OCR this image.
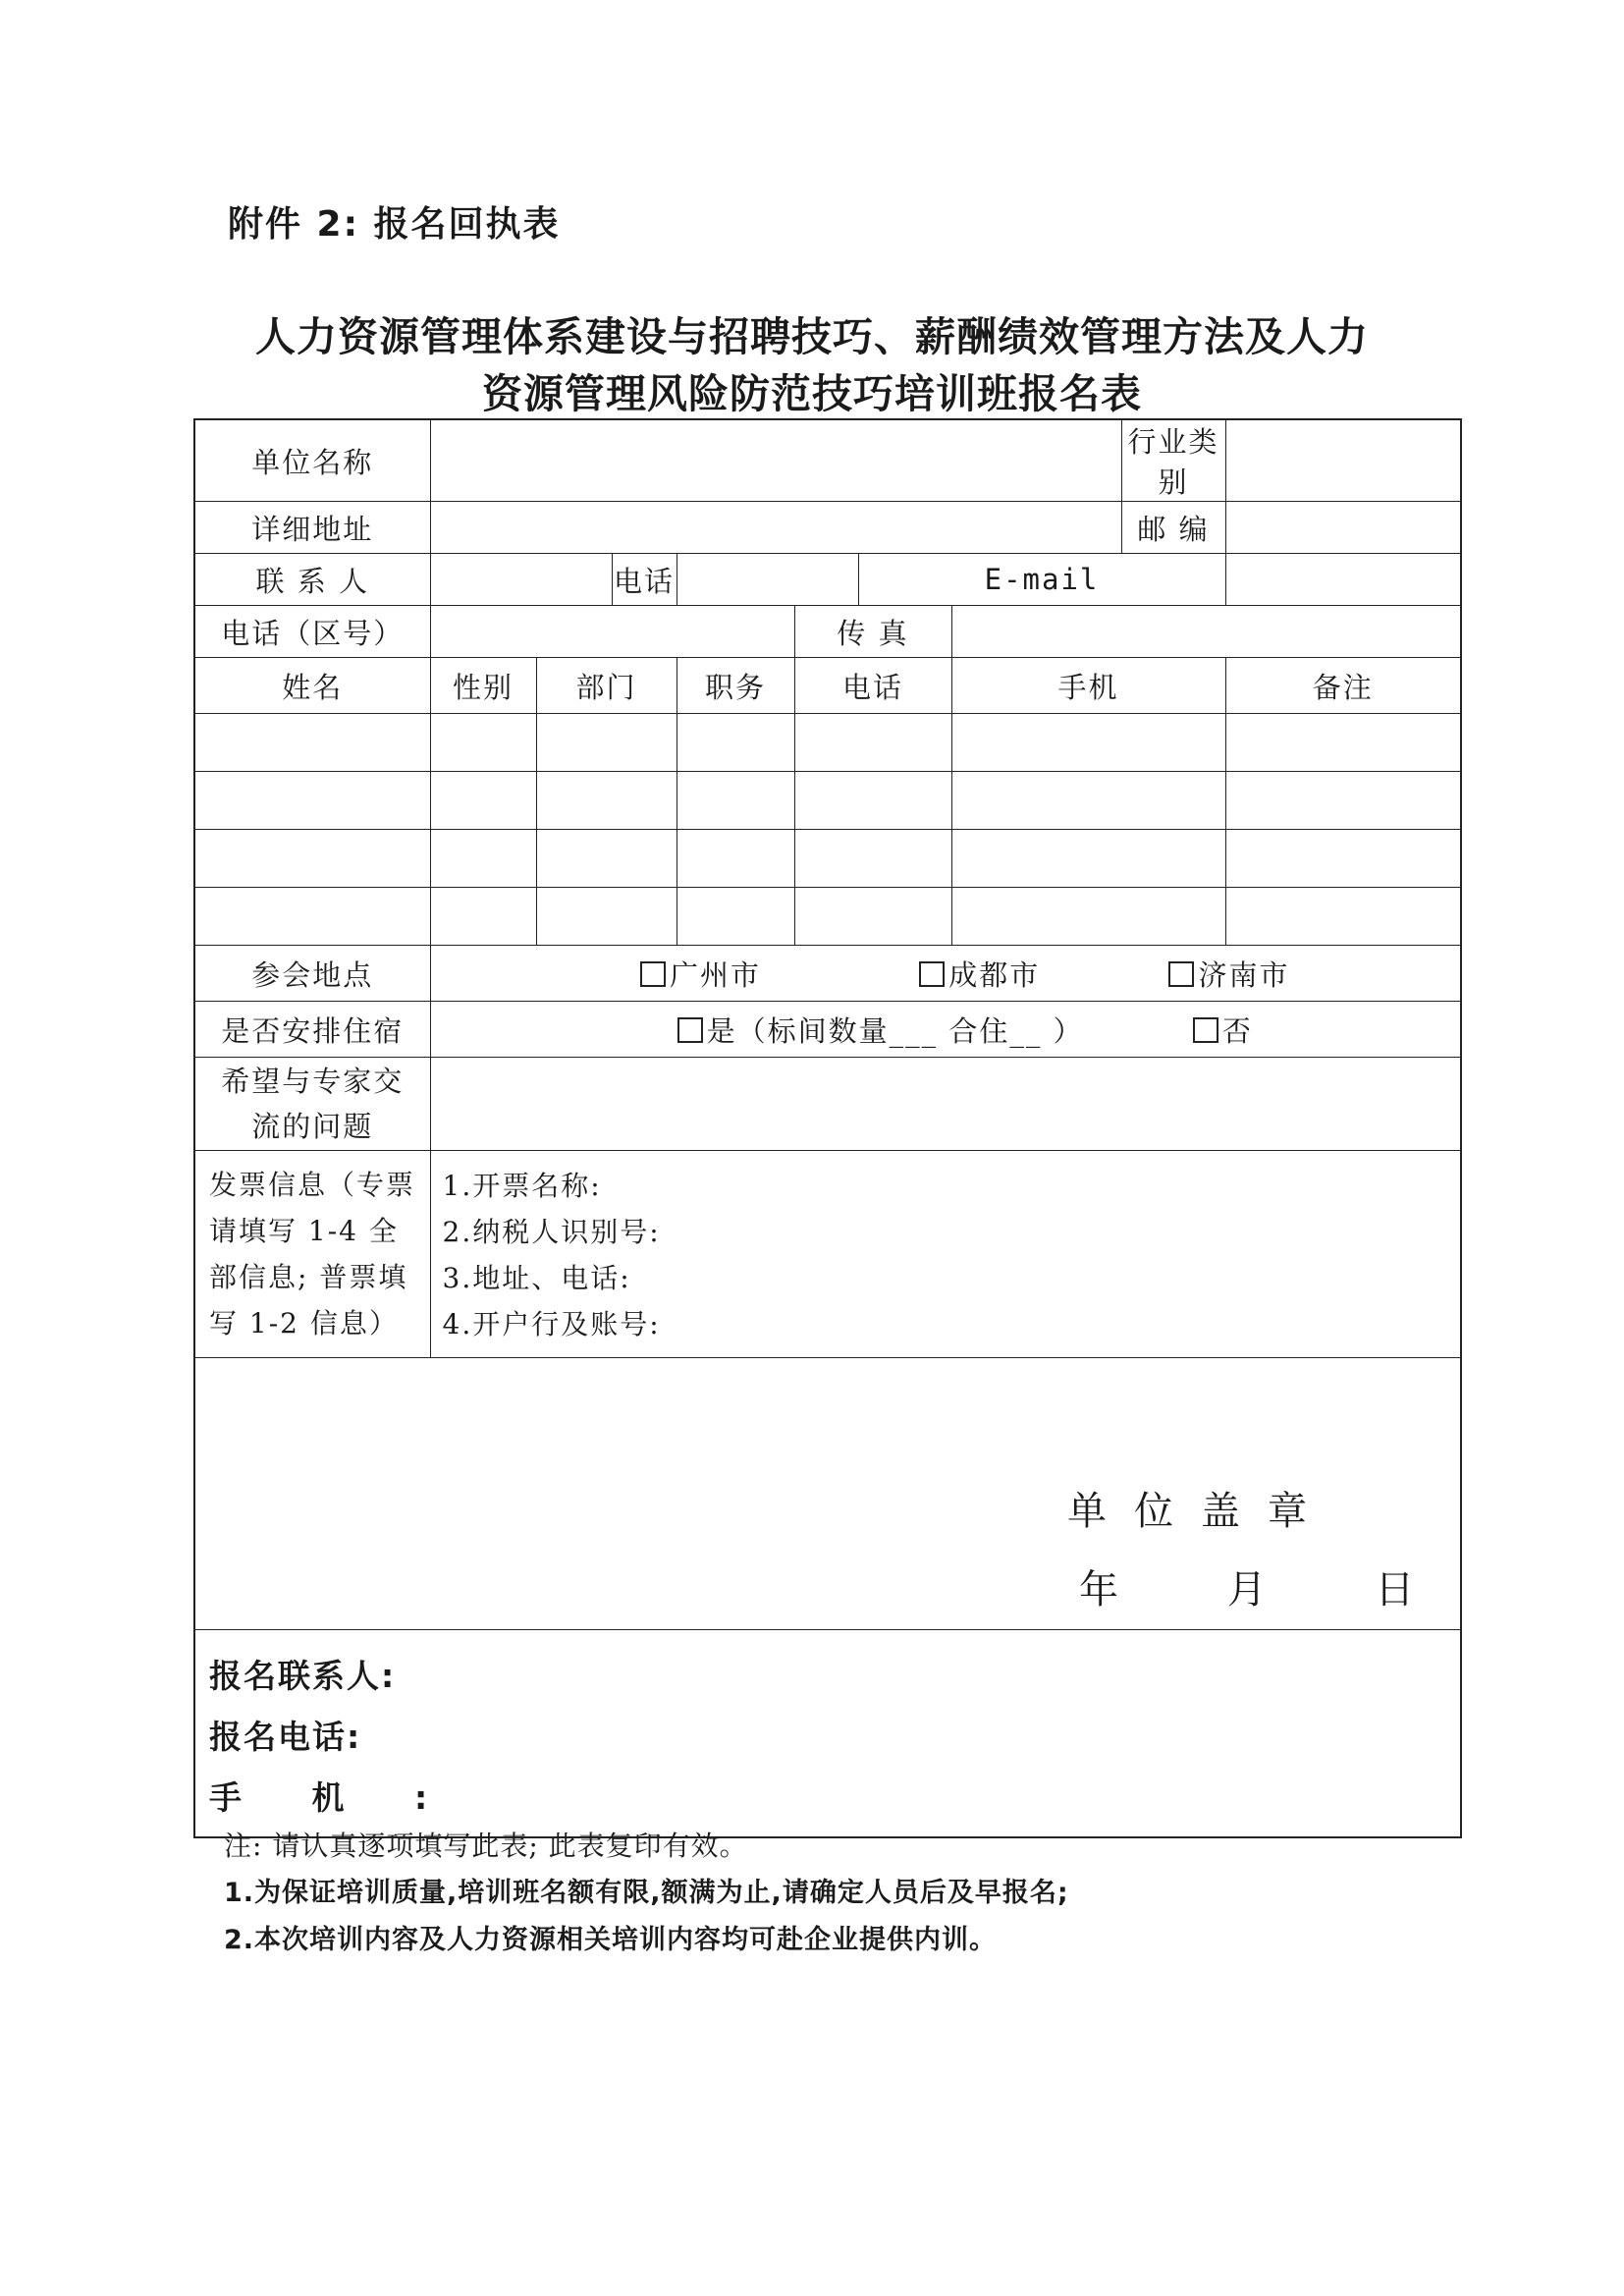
附件 2: 报名回执表
人力资源管理体系建设与招聘技巧、薪酬绩效管理方法及人力
资源管理风险防范技巧培训班报名表
单位名称								行业类别	
详细地址								邮 编	
联 系 人			电话			E-mail			
电话（区号）					传 真				
姓名	性别	部门		职务	电话		手机		备注

参会地点	广州市 成都市 济南市								
是否安排住宿	是（标间数量___ 合住__ ） 否								
希望与专家交
流的问题									
发票信息（专票
请填写 1-4 全
部信息; 普票填
写 1-2 信息）	1.开票名称:
2.纳税人识别号:
3.地址、电话:
4.开户行及账号:								

单位盖章
年 月 日									

报名联系人:
报名电话:
手 机 :									
注: 请认真逐项填写此表; 此表复印有效。
1.为保证培训质量,培训班名额有限,额满为止,请确定人员后及早报名;
2.本次培训内容及人力资源相关培训内容均可赴企业提供内训。
